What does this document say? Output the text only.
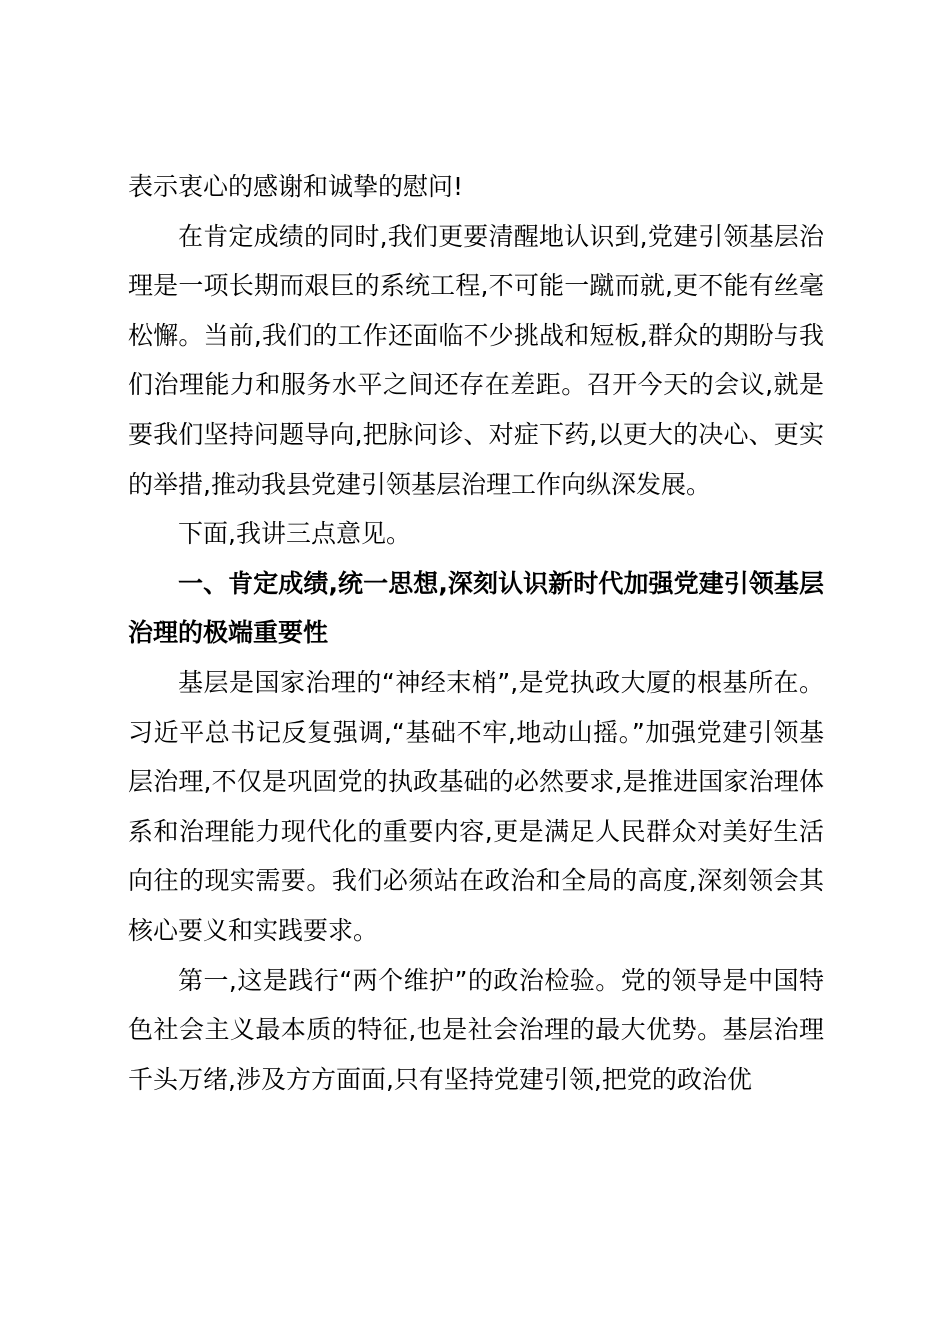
表示衷心的感谢和诚挚的慰问!

在肯定成绩的同时,我们更要清醒地认识到,党建引领基层治理是一项长期而艰巨的系统工程,不可能一蹴而就,更不能有丝毫松懈。当前,我们的工作还面临不少挑战和短板,群众的期盼与我们治理能力和服务水平之间还存在差距。召开今天的会议,就是要我们坚持问题导向,把脉问诊、对症下药,以更大的决心、更实的举措,推动我县党建引领基层治理工作向纵深发展。

下面,我讲三点意见。

一、肯定成绩,统一思想,深刻认识新时代加强党建引领基层治理的极端重要性

基层是国家治理的“神经末梢”,是党执政大厦的根基所在。习近平总书记反复强调,“基础不牢,地动山摇。”加强党建引领基层治理,不仅是巩固党的执政基础的必然要求,是推进国家治理体系和治理能力现代化的重要内容,更是满足人民群众对美好生活向往的现实需要。我们必须站在政治和全局的高度,深刻领会其核心要义和实践要求。

第一,这是践行“两个维护”的政治检验。党的领导是中国特色社会主义最本质的特征,也是社会治理的最大优势。基层治理千头万绪,涉及方方面面,只有坚持党建引领,把党的政治优
